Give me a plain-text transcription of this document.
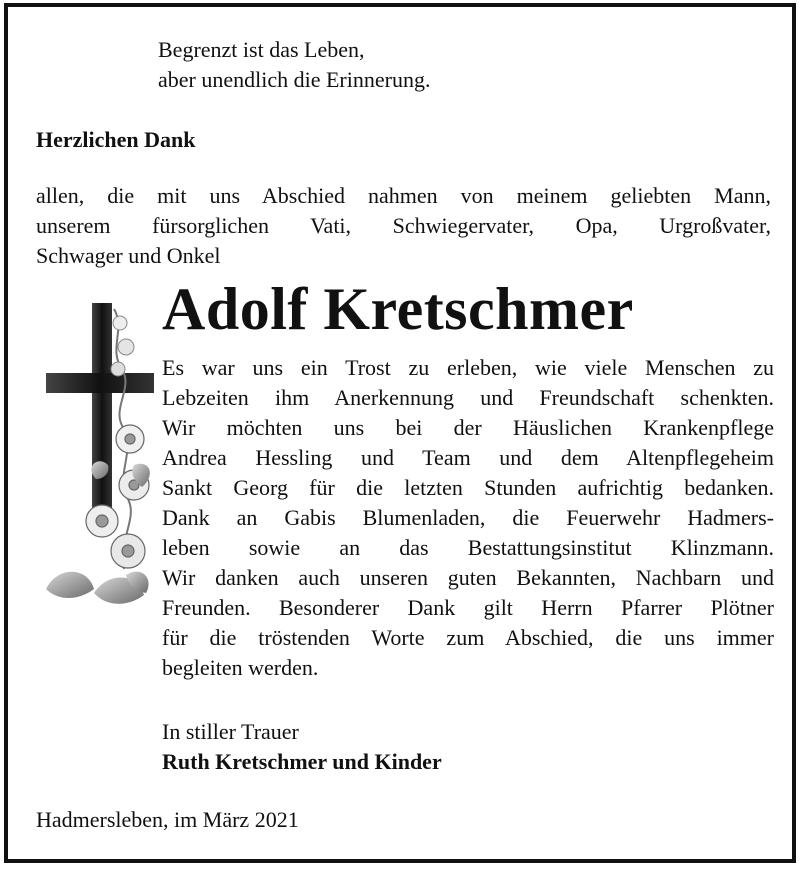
Begrenzt ist das Leben,

aber unendlich die Erinnerung.

Herzlichen Dank

allen, die mit uns Abschied nahmen von meinem geliebten Mann,

unserem fürsorglichen Vati, Schwiegervater, Opa, Urgroßvater,

Schwager und Onkel

Adolf Kretschmer

Es war uns ein Trost zu erleben, wie viele Menschen zu

Lebzeiten ihm Anerkennung und Freundschaft schenkten.

Wir möchten uns bei der Häuslichen Krankenpflege

Andrea Hessling und Team und dem Altenpflegeheim

Sankt Georg für die letzten Stunden aufrichtig bedanken.

Dank an Gabis Blumenladen, die Feuerwehr Hadmers-

leben sowie an das Bestattungsinstitut Klinzmann.

Wir danken auch unseren guten Bekannten, Nachbarn und

Freunden. Besonderer Dank gilt Herrn Pfarrer Plötner

für die tröstenden Worte zum Abschied, die uns immer

begleiten werden.

In stiller Trauer

Ruth Kretschmer und Kinder

Hadmersleben, im März 2021
